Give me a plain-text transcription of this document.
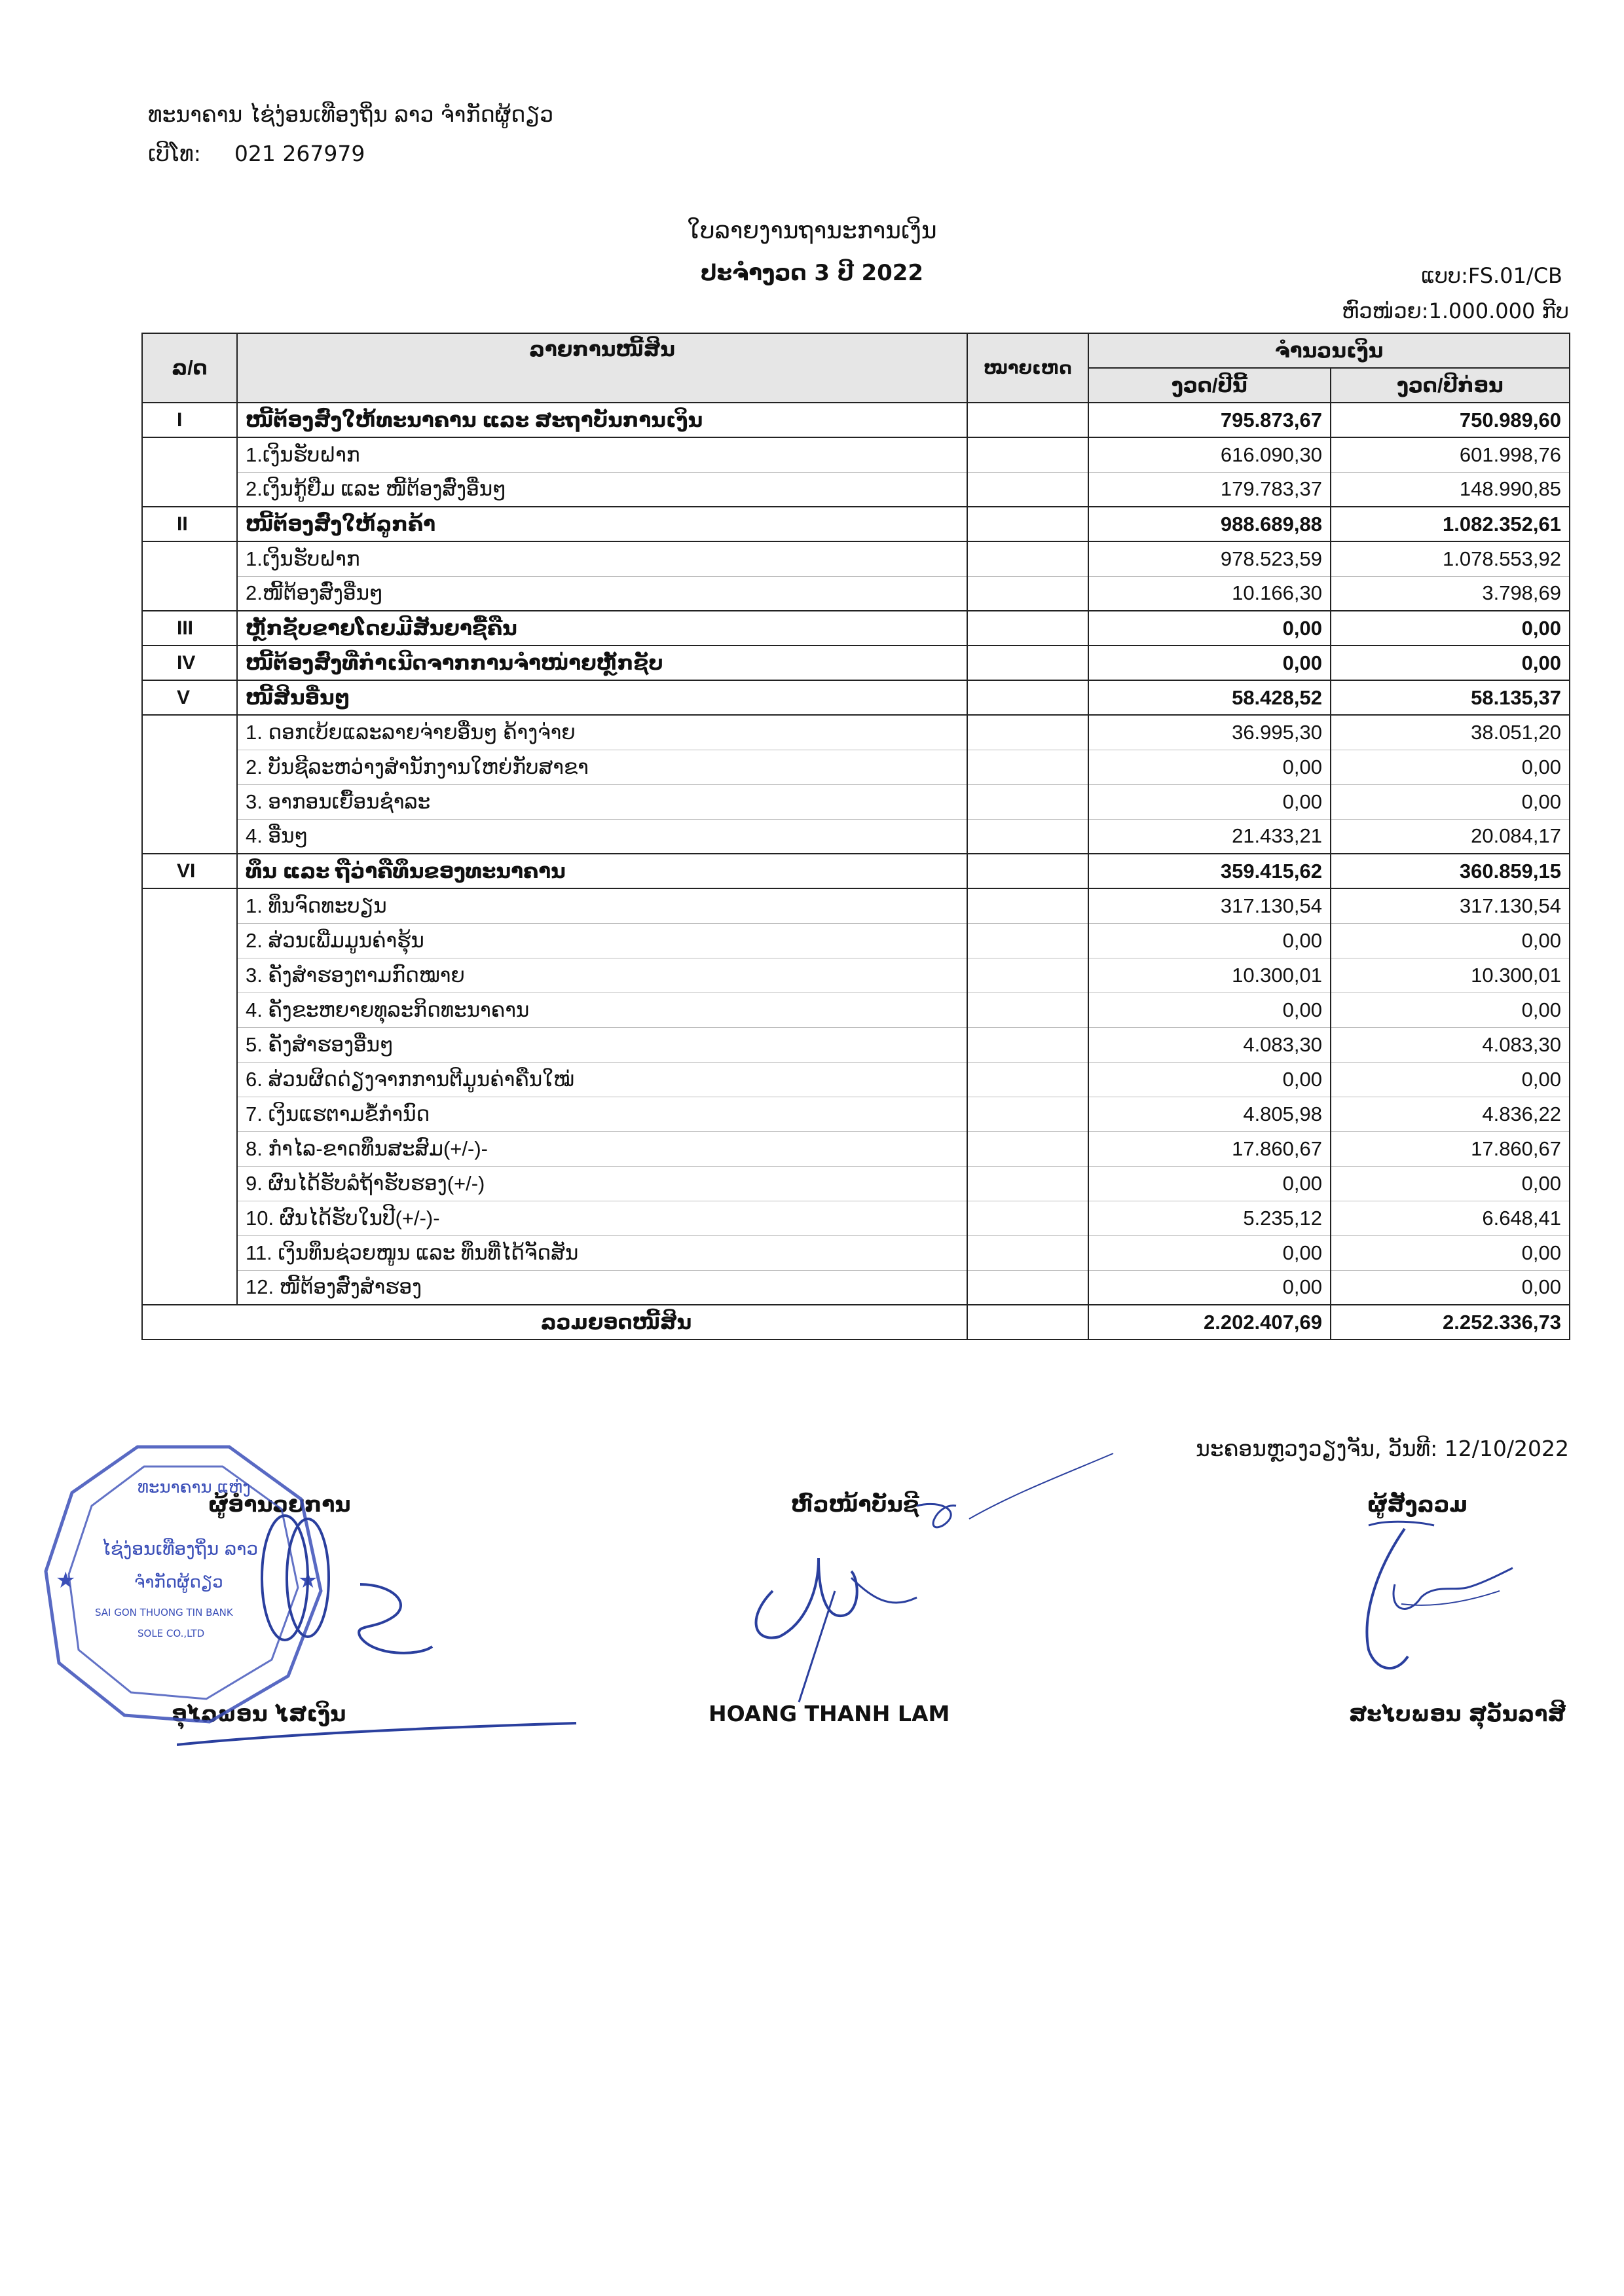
ທະນາຄານ ໄຊ່ງ່ອນເທືອງຖິ່ນ ລາວ ຈຳກັດຜູ້ດຽວ
ເບີໂທ: 021 267979
ໃບລາຍງານຖານະການເງິນ
ປະຈຳງວດ 3 ປີ 2022	ແບບ:FS.01/CB
ຫົວໜ່ວຍ:1.000.000 ກີບ
ລ/ດ	ລາຍການໜີ້ສິນ	ໝາຍເຫດ	ຈຳນວນເງິນ	
			ງວດ/ປີນີ້	ງວດ/ປີກ່ອນ
I	ໜີ້ຕ້ອງສົ່ງໃຫ້ທະນາຄານ ແລະ ສະຖາບັນການເງິນ		795.873,67	750.989,60
	1.ເງິນຮັບຝາກ		616.090,30	601.998,76
	2.ເງິນກູ້ຢືມ ແລະ ໜີ້ຕ້ອງສົ່ງອື່ນໆ		179.783,37	148.990,85
II	ໜີ້ຕ້ອງສົ່ງໃຫ້ລູກຄ້າ		988.689,88	1.082.352,61
	1.ເງິນຮັບຝາກ		978.523,59	1.078.553,92
	2.ໜີ້ຕ້ອງສົ່ງອື່ນໆ		10.166,30	3.798,69
III	ຫຼັກຊັບຂາຍໂດຍມີສັນຍາຊື້ຄືນ		0,00	0,00
IV	ໜີ້ຕ້ອງສົ່ງທີ່ກໍາເນີດຈາກການຈໍາໜ່າຍຫຼັກຊັບ		0,00	0,00
V	ໜີ້ສິນອື່ນໆ		58.428,52	58.135,37
	1. ດອກເບ້ຍແລະລາຍຈ່າຍອື່ນໆ ຄ້າງຈ່າຍ		36.995,30	38.051,20
	2. ບັນຊີລະຫວ່າງສຳນັກງານໃຫຍ່ກັບສາຂາ		0,00	0,00
	3. ອາກອນເຍື້ອນຊຳລະ		0,00	0,00
	4. ອື່ນໆ		21.433,21	20.084,17
VI	ທຶນ ແລະ ຖືວ່າຄືທຶນຂອງທະນາຄານ		359.415,62	360.859,15
	1. ທຶນຈົດທະບຽນ		317.130,54	317.130,54
	2. ສ່ວນເພີ່ມມູນຄ່າຮຸ້ນ		0,00	0,00
	3. ຄັງສຳຮອງຕາມກົດໝາຍ		10.300,01	10.300,01
	4. ຄັງຂະຫຍາຍທຸລະກິດທະນາຄານ		0,00	0,00
	5. ຄັງສຳຮອງອື່ນໆ		4.083,30	4.083,30
	6. ສ່ວນຜິດດ່ຽງຈາກການຕີມູນຄ່າຄືນໃໝ່		0,00	0,00
	7. ເງິນແຮຕາມຂໍ້ກຳນົດ		4.805,98	4.836,22
	8. ກຳໄລ-ຂາດທຶນສະສົມ(+/-)-		17.860,67	17.860,67
	9. ຜົນໄດ້ຮັບລໍຖ້າຮັບຮອງ(+/-)		0,00	0,00
	10. ຜົນໄດ້ຮັບໃນປີ(+/-)-		5.235,12	6.648,41
	11. ເງິນທຶນຊ່ວຍໜູນ ແລະ ທຶນທີ່ໄດ້ຈັດສັນ		0,00	0,00
	12. ໜີ້ຕ້ອງສົ່ງສຳຮອງ		0,00	0,00
ລວມຍອດໜີ້ສິນ			2.202.407,69	2.252.336,73
ນະຄອນຫຼວງວຽງຈັນ, ວັນທີ: 12/10/2022
ຜູ້ອຳນວຍການ	ຫົວໜ້າບັນຊີ	ຜູ້ສັງລວມ
ອຸໄລພອນ ໄສເງິນ	HOANG THANH LAM	ສະໄບພອນ ສຸວັນລາສີ
ທະນາຄານ ແຫ່ງ
ໄຊ່ງ່ອນເທືອງຖິ່ນ ລາວ
ຈຳກັດຜູ້ດຽວ
SAI GON THUONG TIN BANK
SOLE CO.,LTD
★	★
